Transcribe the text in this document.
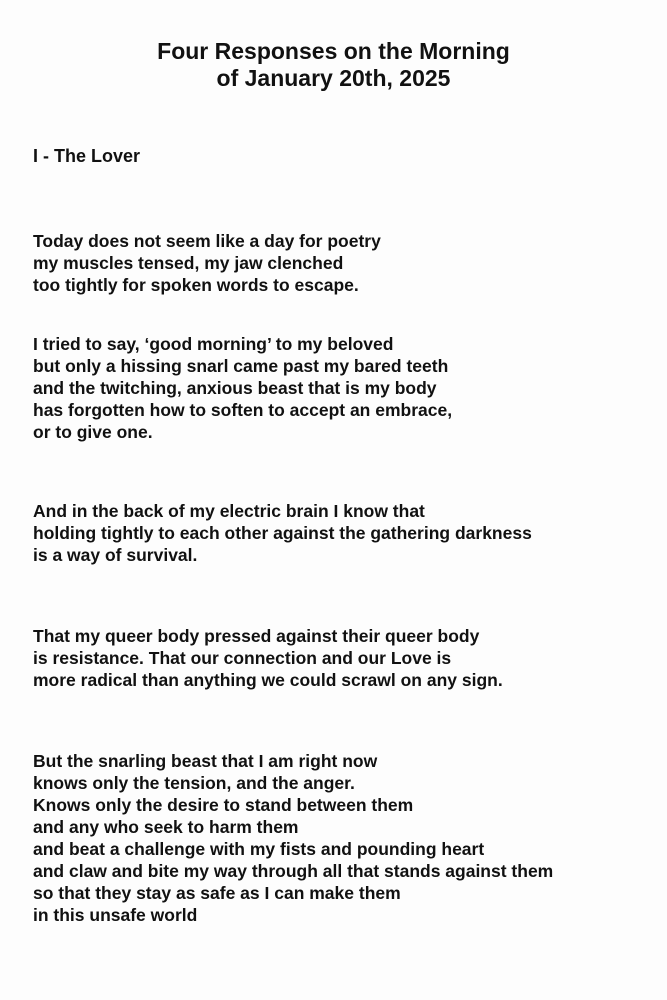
Four Responses on the Morning
of January 20th, 2025
I - The Lover
Today does not seem like a day for poetry
my muscles tensed, my jaw clenched
too tightly for spoken words to escape.
I tried to say, ‘good morning’ to my beloved
but only a hissing snarl came past my bared teeth
and the twitching, anxious beast that is my body
has forgotten how to soften to accept an embrace,
or to give one.
And in the back of my electric brain I know that
holding tightly to each other against the gathering darkness
is a way of survival.
That my queer body pressed against their queer body
is resistance. That our connection and our Love is
more radical than anything we could scrawl on any sign.
But the snarling beast that I am right now
knows only the tension, and the anger.
Knows only the desire to stand between them
and any who seek to harm them
and beat a challenge with my fists and pounding heart
and claw and bite my way through all that stands against them
so that they stay as safe as I can make them
in this unsafe world
